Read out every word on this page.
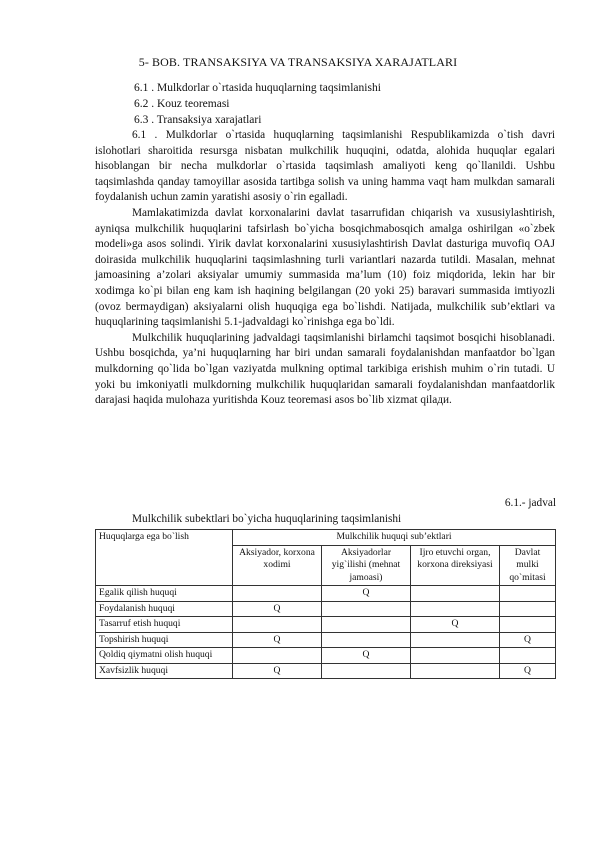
5- BOB. TRANSAKSIYA VA TRANSAKSIYA XARAJATLARI
6.1 . Mulkdorlar o`rtasida huquqlarning taqsimlanishi
6.2 . Kouz teoremasi
6.3 . Transaksiya xarajatlari

6.1 . Mulkdorlar o`rtasida huquqlarning taqsimlanishi Respublikamizda o`tish davri islohotlari sharoitida resursga nisbatan mulkchilik huquqini, odatda, alohida huquqlar egalari hisoblangan bir necha mulkdorlar o`rtasida taqsimlash amaliyoti keng qo`llanildi. Ushbu taqsimlashda qanday tamoyillar asosida tartibga solish va uning hamma vaqt ham mulkdan samarali foydalanish uchun zamin yaratishi asosiy o`rin egalladi.

Mamlakatimizda davlat korxonalarini davlat tasarrufidan chiqarish va xususiylashtirish, ayniqsa mulkchilik huquqlarini tafsirlash bo`yicha bosqichmabosqich amalga oshirilgan «o`zbek modeli»ga asos solindi. Yirik davlat korxonalarini xususiylashtirish Davlat dasturiga muvofiq OAJ doirasida mulkchilik huquqlarini taqsimlashning turli variantlari nazarda tutildi. Masalan, mehnat jamoasining a’zolari aksiyalar umumiy summasida ma’lum (10) foiz miqdorida, lekin har bir xodimga ko`pi bilan eng kam ish haqining belgilangan (20 yoki 25) baravari summasida imtiyozli (ovoz bermaydigan) aksiyalarni olish huquqiga ega bo`lishdi. Natijada, mulkchilik sub’ektlari va huquqlarining taqsimlanishi 5.1-jadvaldagi ko`rinishga ega bo`ldi.

Mulkchilik huquqlarining jadvaldagi taqsimlanishi birlamchi taqsimot bosqichi hisoblanadi. Ushbu bosqichda, ya’ni huquqlarning har biri undan samarali foydalanishdan manfaatdor bo`lgan mulkdorning qo`lida bo`lgan vaziyatda mulkning optimal tarkibiga erishish muhim o`rin tutadi. U yoki bu imkoniyatli mulkdorning mulkchilik huquqlaridan samarali foydalanishdan manfaatdorlik darajasi haqida mulohaza yuritishda Kouz teoremasi asos bo`lib xizmat qilади.

6.1.- jadval
Mulkchilik subektlari bo`yicha huquqlarining taqsimlanishi
Huquqlarga ega bo`lish	Mulkchilik huquqi sub’ektlari			
	Aksiyador, korxona xodimi	Aksiyadorlar yig`ilishi (mehnat jamoasi)	Ijro etuvchi organ, korxona direksiyasi	Davlat mulki qo`mitasi
Egalik qilish huquqi		Q		
Foydalanish huquqi	Q			
Tasarruf etish huquqi			Q	
Topshirish huquqi	Q			Q
Qoldiq qiymatni olish huquqi		Q		
Xavfsizlik huquqi	Q			Q
